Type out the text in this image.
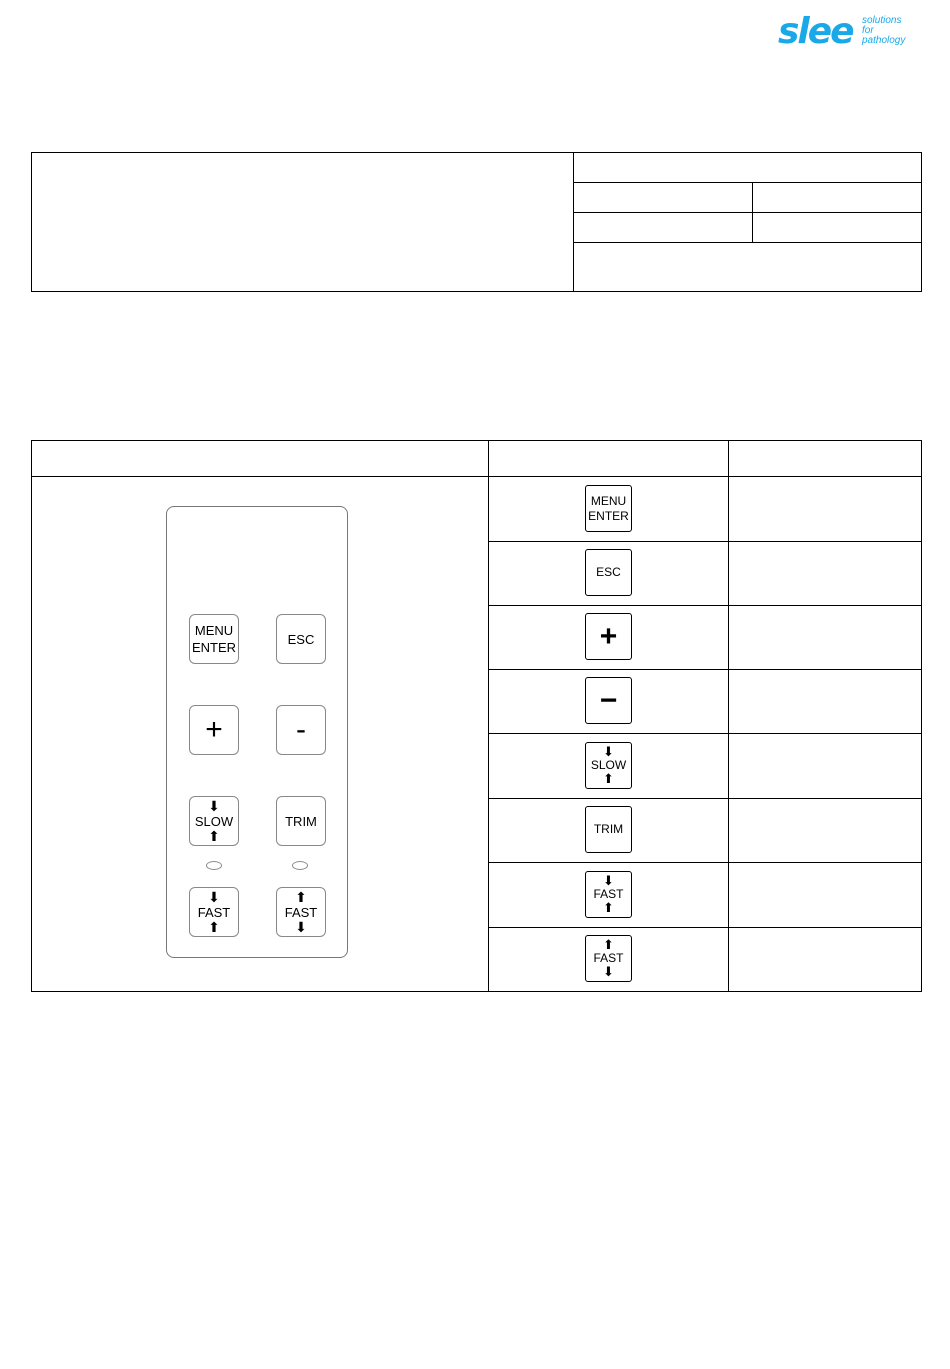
slee solutions
for
pathology
MENU
ENTER
ESC
+ -
⬇
SLOW
⬆
TRIM
⬇
FAST
⬆
⬆
FAST
⬇
MENU
ENTER
ESC
+
−
⬇
SLOW
⬆
TRIM
⬇
FAST
⬆
⬆
FAST
⬇
